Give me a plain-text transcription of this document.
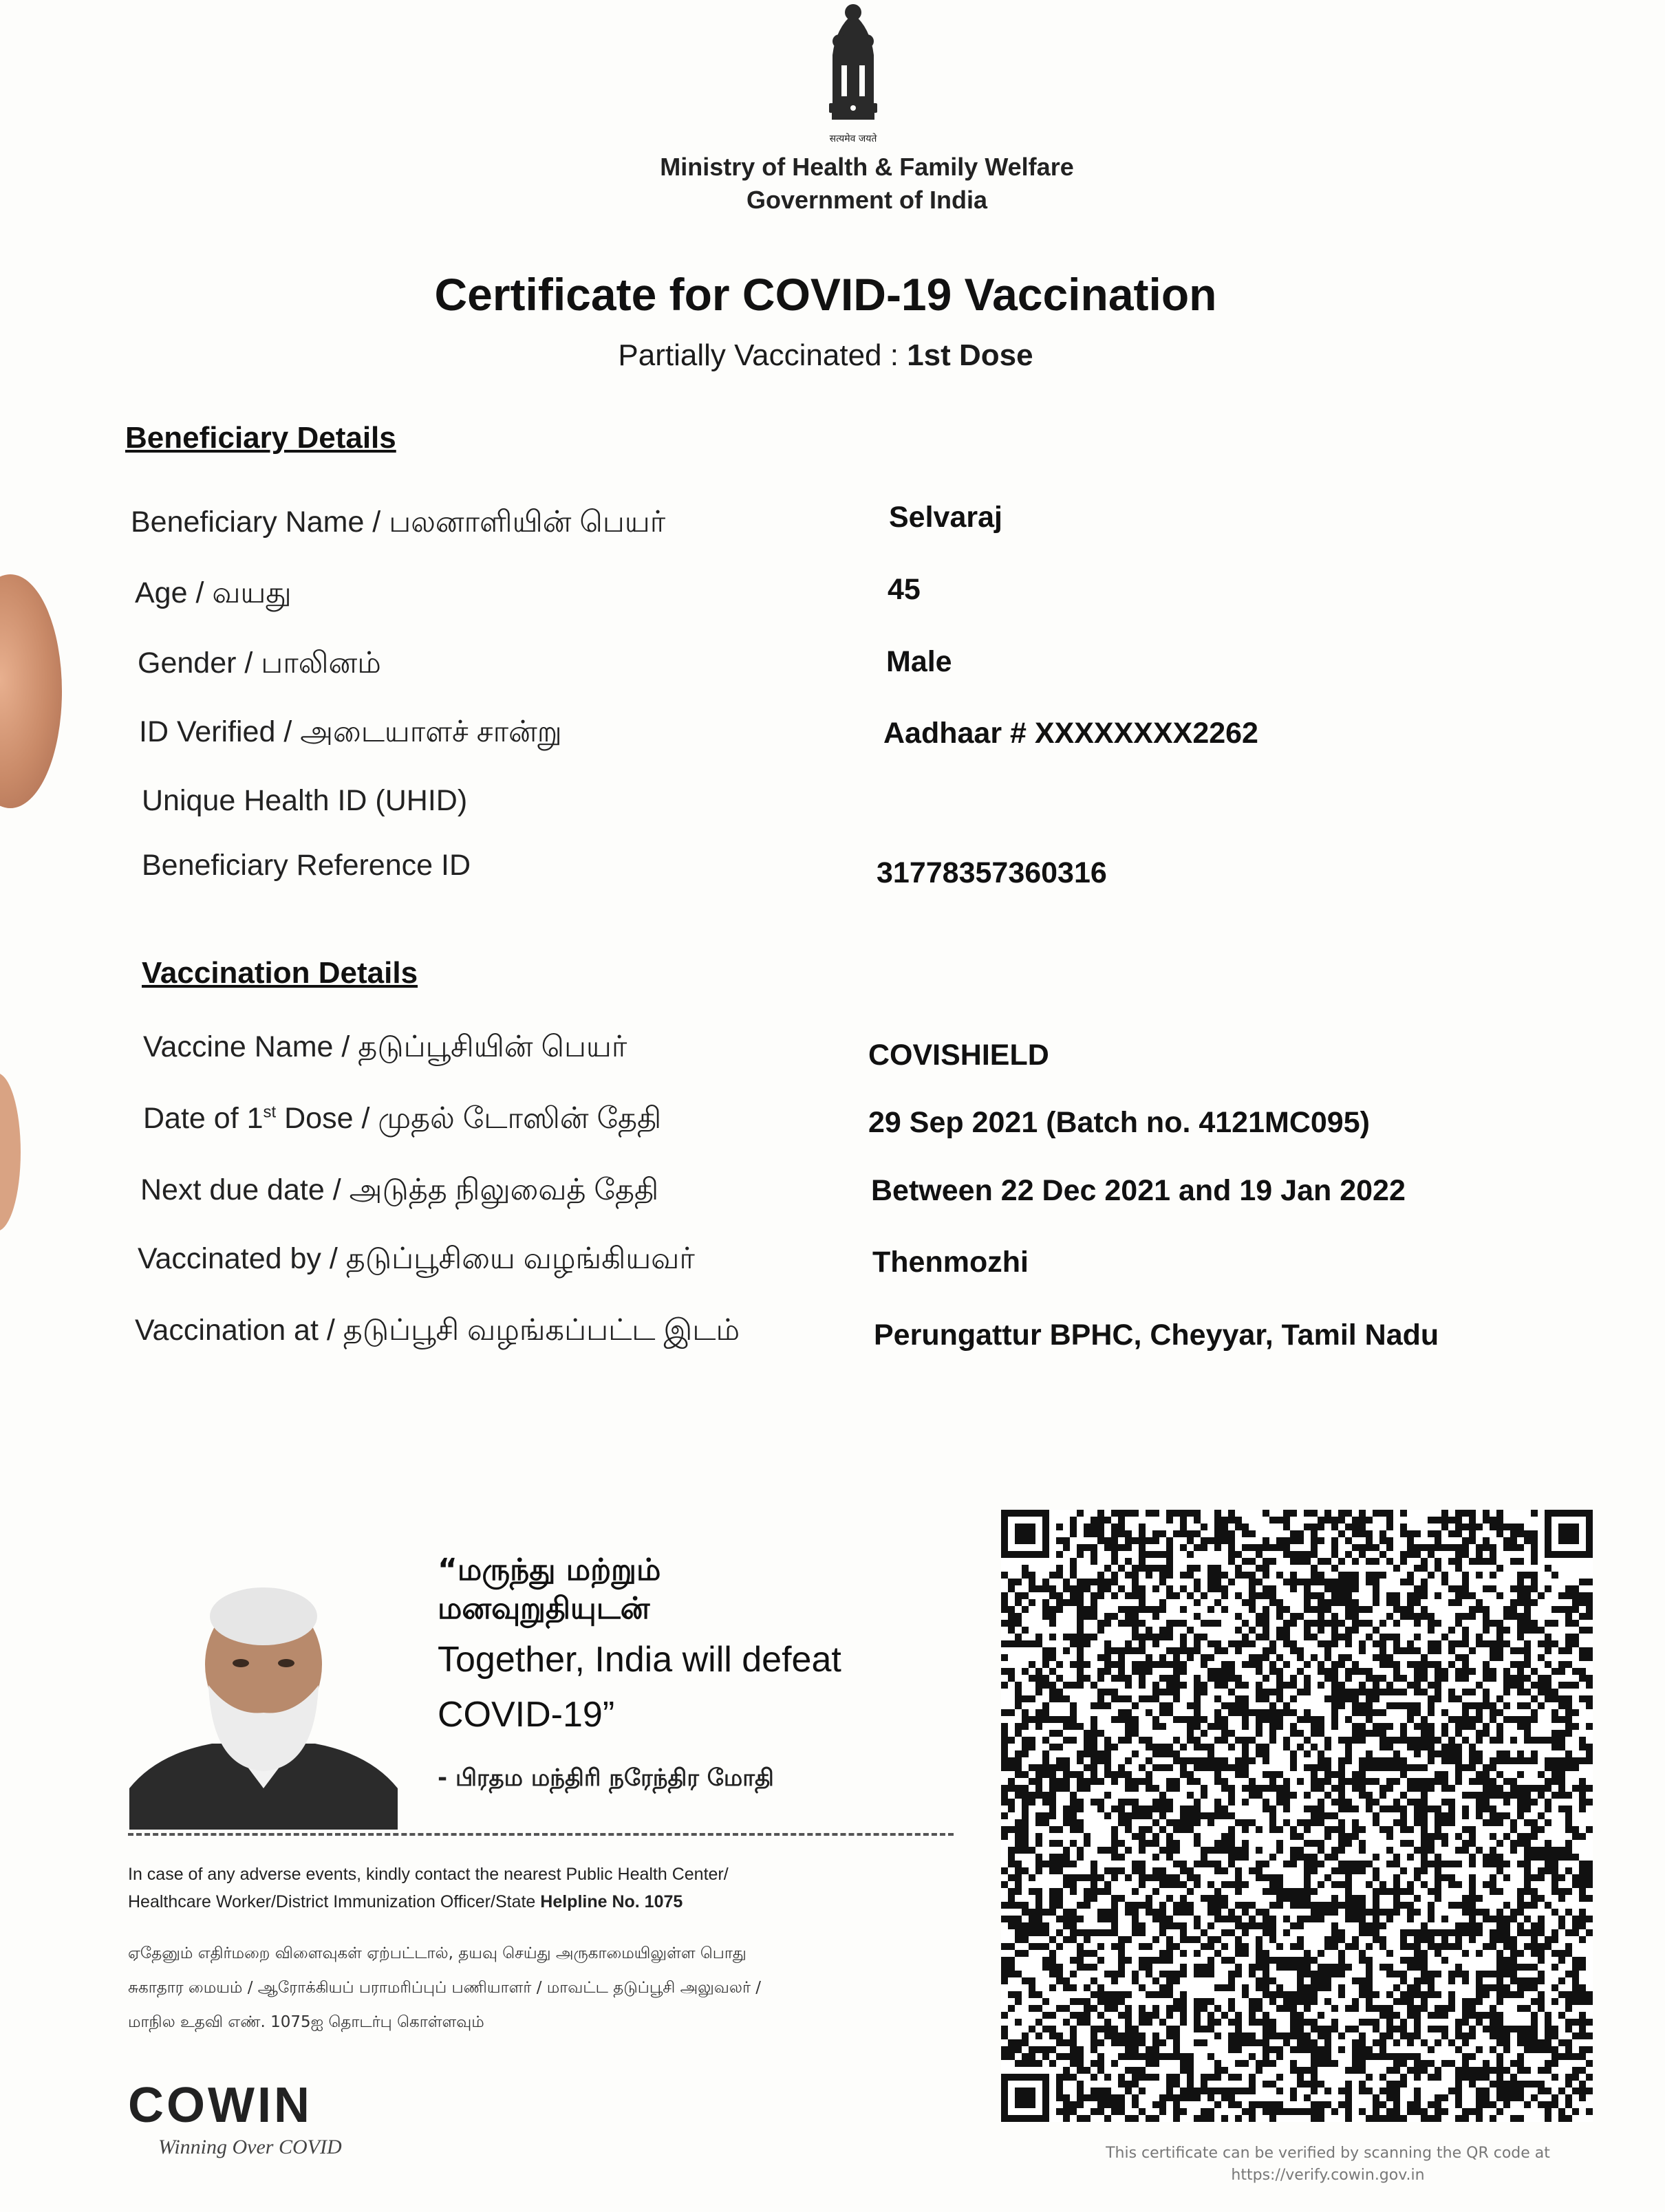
सत्यमेव जयते
Ministry of Health & Family Welfare
Government of India
Certificate for COVID-19 Vaccination
Partially Vaccinated : 1st Dose
Beneficiary Details
Beneficiary Name / பலனாளியின் பெயர்	Selvaraj
Age / வயது	45
Gender / பாலினம்	Male
ID Verified / அடையாளச் சான்று	Aadhaar # XXXXXXXX2262
Unique Health ID (UHID)
Beneficiary Reference ID	31778357360316
Vaccination Details
Vaccine Name / தடுப்பூசியின் பெயர்	COVISHIELD
Date of 1st Dose / முதல் டோஸின் தேதி	29 Sep 2021 (Batch no. 4121MC095)
Next due date / அடுத்த நிலுவைத் தேதி	Between 22 Dec 2021 and 19 Jan 2022
Vaccinated by / தடுப்பூசியை வழங்கியவர்	Thenmozhi
Vaccination at / தடுப்பூசி வழங்கப்பட்ட இடம்	Perungattur BPHC, Cheyyar, Tamil Nadu
“மருந்து மற்றும்
மனவுறுதியுடன்
Together, India will defeat
COVID-19”
- பிரதம மந்திரி நரேந்திர மோதி
In case of any adverse events, kindly contact the nearest Public Health Center/
Healthcare Worker/District Immunization Officer/State Helpline No. 1075
ஏதேனும் எதிர்மறை விளைவுகள் ஏற்பட்டால், தயவு செய்து அருகாமையிலுள்ள பொது
சுகாதார மையம் / ஆரோக்கியப் பராமரிப்புப் பணியாளர் / மாவட்ட தடுப்பூசி அலுவலர் /
மாநில உதவி எண். 1075ஐ தொடர்பு கொள்ளவும்
COWIN
Winning Over COVID	This certificate can be verified by scanning the QR code at
https://verify.cowin.gov.in
